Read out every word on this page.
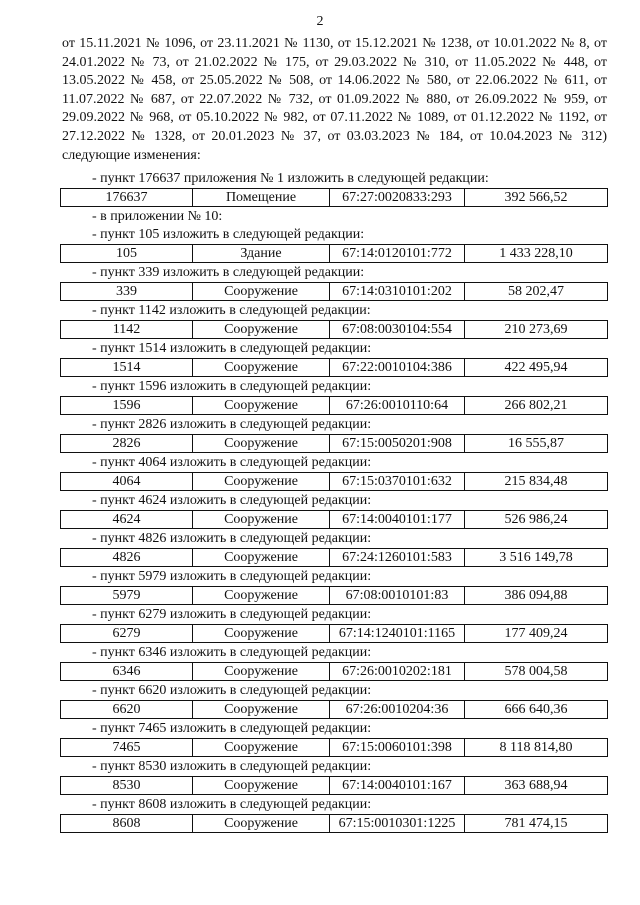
2
от 15.11.2021 № 1096, от 23.11.2021 № 1130, от 15.12.2021 № 1238, от 10.01.2022 № 8, от 24.01.2022 № 73, от 21.02.2022 № 175, от 29.03.2022 № 310, от 11.05.2022 № 448, от 13.05.2022 № 458, от 25.05.2022 № 508, от 14.06.2022 № 580, от 22.06.2022 № 611, от 11.07.2022 № 687, от 22.07.2022 № 732, от 01.09.2022 № 880, от 26.09.2022 № 959, от 29.09.2022 № 968, от 05.10.2022 № 982, от 07.11.2022 № 1089, от 01.12.2022 № 1192, от 27.12.2022 № 1328, от 20.01.2023 № 37, от 03.03.2023 № 184, от 10.04.2023 № 312) следующие изменения:
- пункт 176637 приложения № 1 изложить в следующей редакции:
176637	Помещение	67:27:0020833:293	392 566,52
- в приложении № 10:
- пункт 105 изложить в следующей редакции:
105	Здание	67:14:0120101:772	1 433 228,10
- пункт 339 изложить в следующей редакции:
339	Сооружение	67:14:0310101:202	58 202,47
- пункт 1142 изложить в следующей редакции:
1142	Сооружение	67:08:0030104:554	210 273,69
- пункт 1514 изложить в следующей редакции:
1514	Сооружение	67:22:0010104:386	422 495,94
- пункт 1596 изложить в следующей редакции:
1596	Сооружение	67:26:0010110:64	266 802,21
- пункт 2826 изложить в следующей редакции:
2826	Сооружение	67:15:0050201:908	16 555,87
- пункт 4064 изложить в следующей редакции:
4064	Сооружение	67:15:0370101:632	215 834,48
- пункт 4624 изложить в следующей редакции:
4624	Сооружение	67:14:0040101:177	526 986,24
- пункт 4826 изложить в следующей редакции:
4826	Сооружение	67:24:1260101:583	3 516 149,78
- пункт 5979 изложить в следующей редакции:
5979	Сооружение	67:08:0010101:83	386 094,88
- пункт 6279 изложить в следующей редакции:
6279	Сооружение	67:14:1240101:1165	177 409,24
- пункт 6346 изложить в следующей редакции:
6346	Сооружение	67:26:0010202:181	578 004,58
- пункт 6620 изложить в следующей редакции:
6620	Сооружение	67:26:0010204:36	666 640,36
- пункт 7465 изложить в следующей редакции:
7465	Сооружение	67:15:0060101:398	8 118 814,80
- пункт 8530 изложить в следующей редакции:
8530	Сооружение	67:14:0040101:167	363 688,94
- пункт 8608 изложить в следующей редакции:
8608	Сооружение	67:15:0010301:1225	781 474,15
